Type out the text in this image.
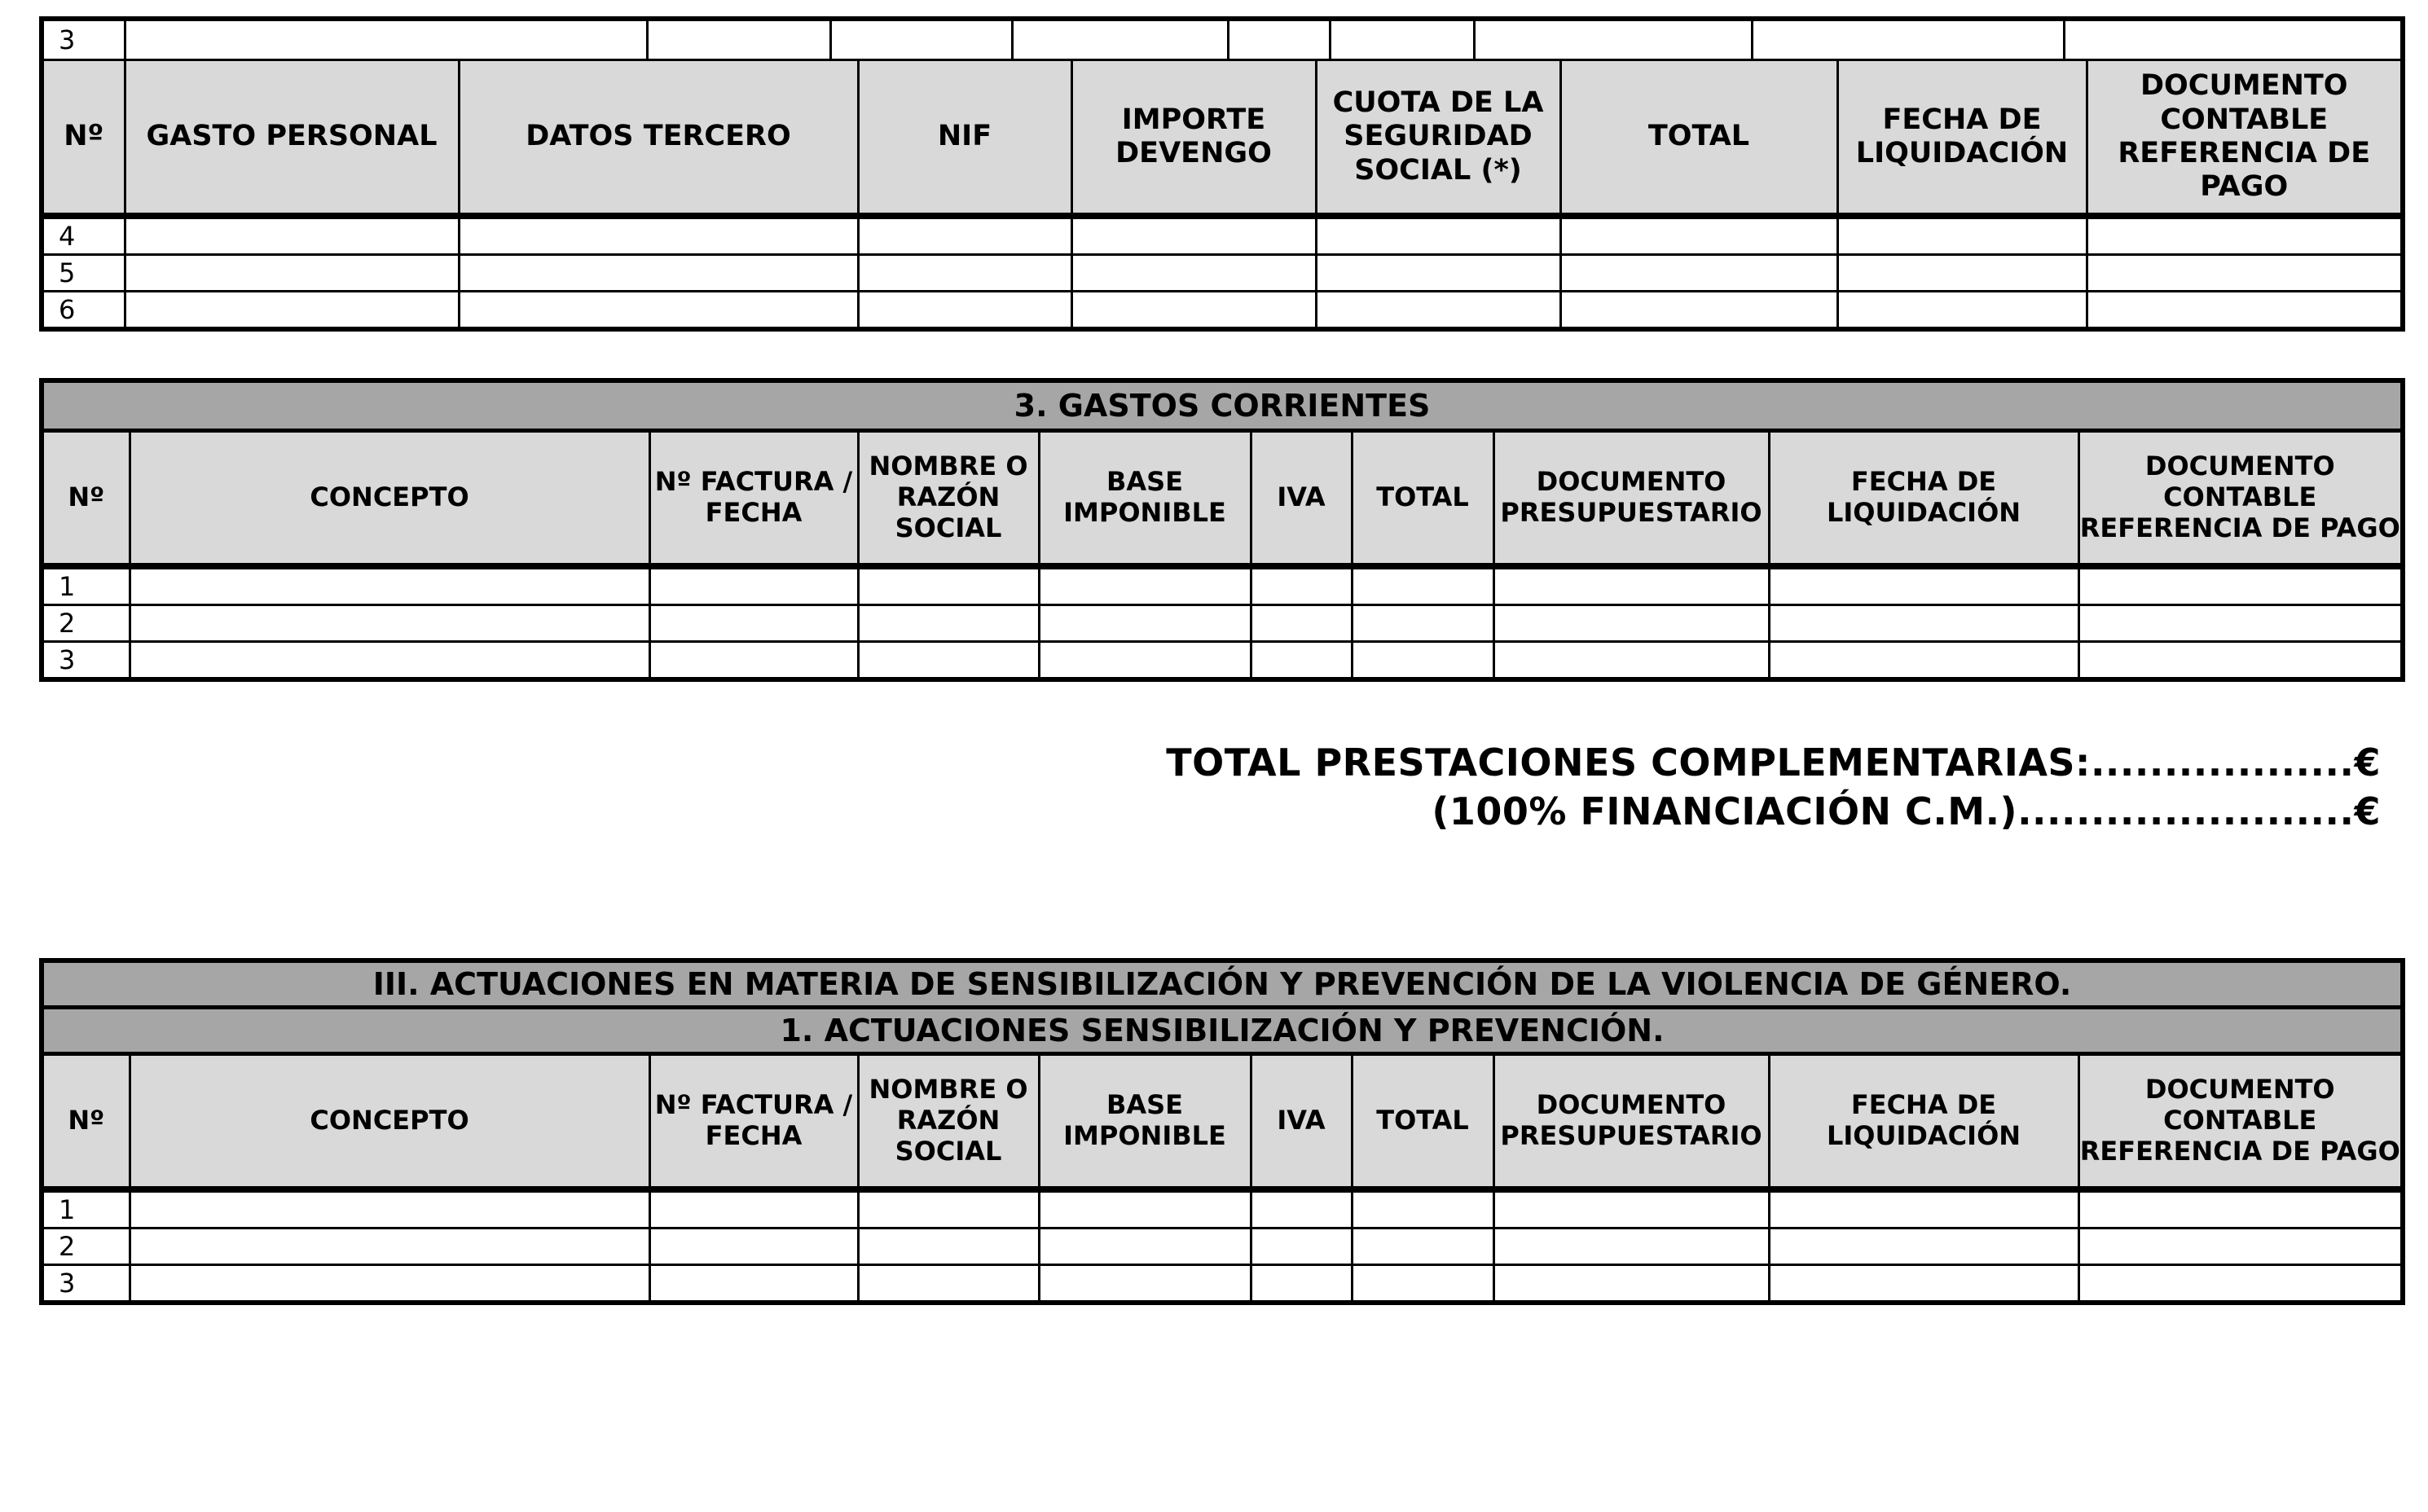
3								

Nº	GASTO PERSONAL	DATOS TERCERO	NIF	IMPORTE DEVENGO	CUOTA DE LA SEGURIDAD SOCIAL (*)	TOTAL	FECHA DE LIQUIDACIÓN	DOCUMENTO CONTABLE REFERENCIA DE PAGO
4								
5								
6								
3. GASTOS CORRIENTES									
Nº	CONCEPTO	Nº FACTURA / FECHA	NOMBRE O RAZÓN SOCIAL	BASE IMPONIBLE	IVA	TOTAL	DOCUMENTO PRESUPUESTARIO	FECHA DE LIQUIDACIÓN	DOCUMENTO CONTABLE REFERENCIA DE PAGO
1									
2									
3									
TOTAL PRESTACIONES COMPLEMENTARIAS:..................€
(100% FINANCIACIÓN C.M.).......................€
III. ACTUACIONES EN MATERIA DE SENSIBILIZACIÓN Y PREVENCIÓN DE LA VIOLENCIA DE GÉNERO.									
1. ACTUACIONES SENSIBILIZACIÓN Y PREVENCIÓN.									
Nº	CONCEPTO	Nº FACTURA / FECHA	NOMBRE O RAZÓN SOCIAL	BASE IMPONIBLE	IVA	TOTAL	DOCUMENTO PRESUPUESTARIO	FECHA DE LIQUIDACIÓN	DOCUMENTO CONTABLE REFERENCIA DE PAGO
1									
2									
3									
